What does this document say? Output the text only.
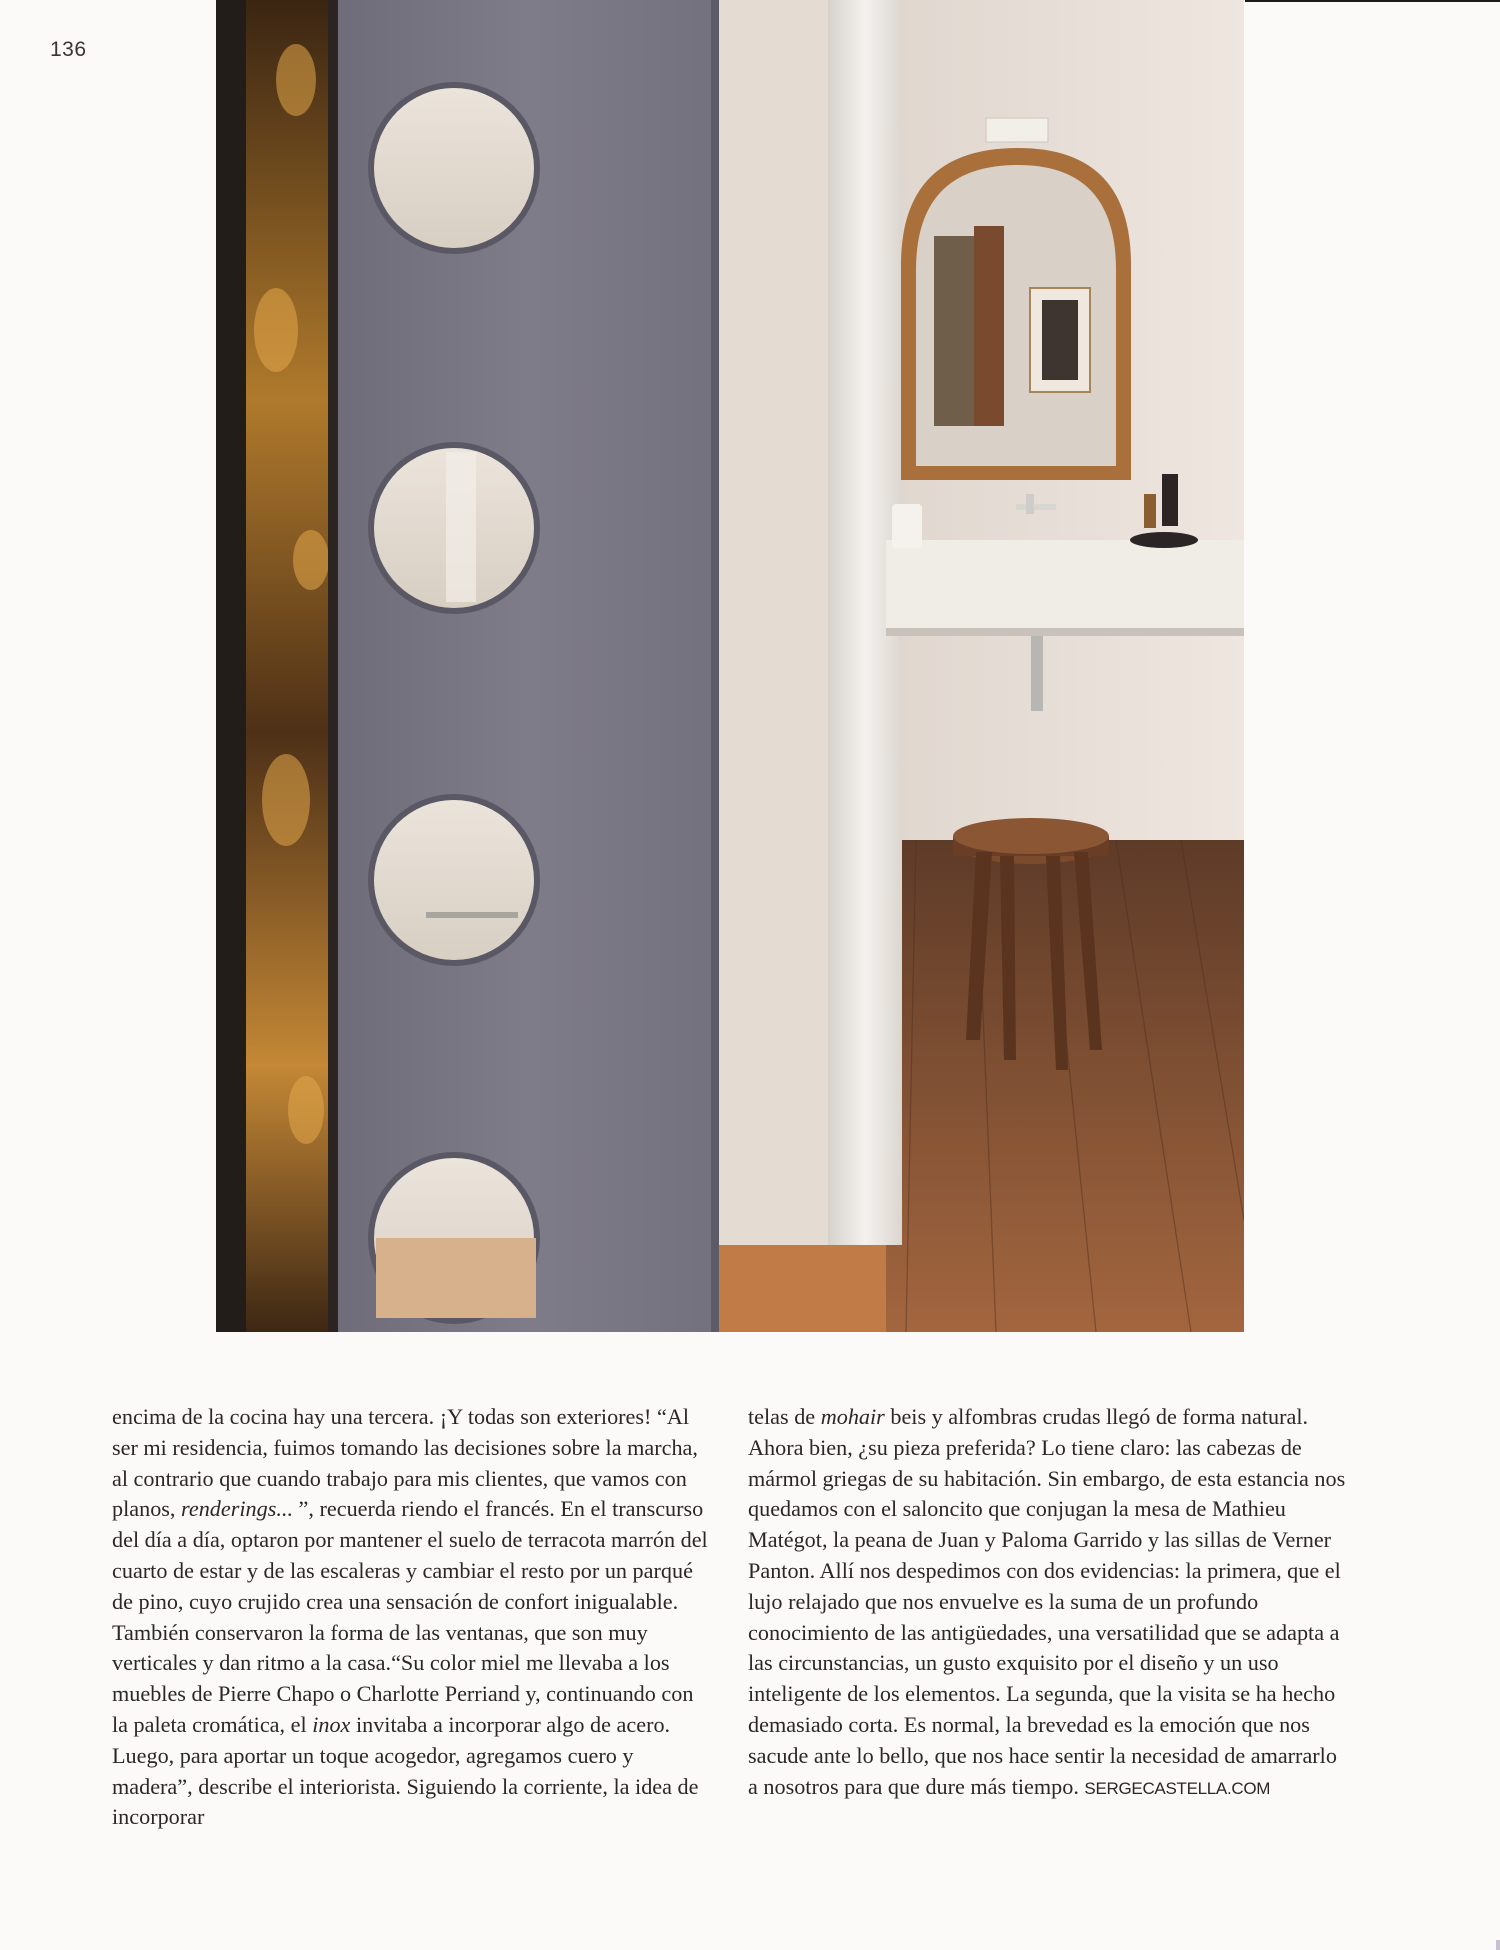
136

encima de la cocina hay una tercera. ¡Y todas son exteriores! “Al ser mi residencia, fuimos tomando las decisiones sobre la marcha, al contrario que cuando trabajo para mis clientes, que vamos con planos, renderings... ”, recuerda riendo el francés. En el transcurso del día a día, optaron por mantener el suelo de terracota marrón del cuarto de estar y de las escaleras y cambiar el resto por un parqué de pino, cuyo crujido crea una sensación de confort inigualable. También conservaron la forma de las ventanas, que son muy verticales y dan ritmo a la casa.“Su color miel me llevaba a los muebles de Pierre Chapo o Charlotte Perriand y, continuando con la paleta cromática, el inox invitaba a incorporar algo de acero. Luego, para aportar un toque acogedor, agregamos cuero y madera”, describe el interiorista. Siguiendo la corriente, la idea de incorporar

telas de mohair beis y alfombras crudas llegó de forma natural. Ahora bien, ¿su pieza preferida? Lo tiene claro: las cabezas de mármol griegas de su habitación. Sin embargo, de esta estancia nos quedamos con el saloncito que conjugan la mesa de Mathieu Matégot, la peana de Juan y Paloma Garrido y las sillas de Verner Panton. Allí nos despedimos con dos evidencias: la primera, que el lujo relajado que nos envuelve es la suma de un profundo conocimiento de las antigüedades, una versatilidad que se adapta a las circunstancias, un gusto exquisito por el diseño y un uso inteligente de los elementos. La segunda, que la visita se ha hecho demasiado corta. Es normal, la brevedad es la emoción que nos sacude ante lo bello, que nos hace sentir la necesidad de amarrarlo a nosotros para que dure más tiempo. SERGECASTELLA.COM
